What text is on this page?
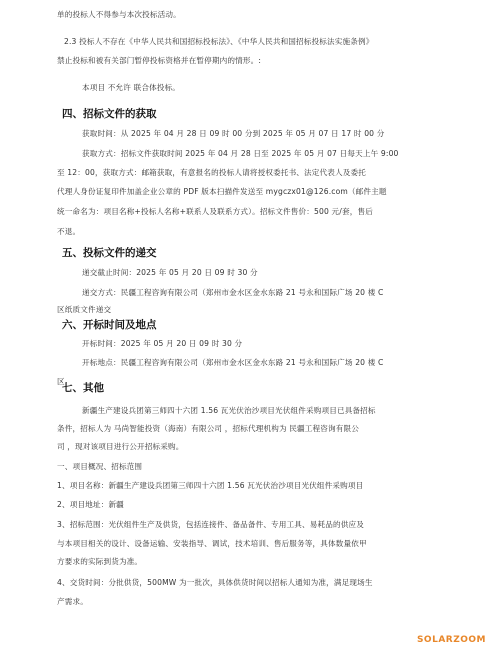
单的投标人不得参与本次投标活动。
2.3 投标人不存在《中华人民共和国招标投标法》、《中华人民共和国招标投标法实施条例》
禁止投标和被有关部门暂停投标资格并在暂停期内的情形。:
本项目 不允许 联合体投标。
四、招标文件的获取
获取时间：从 2025 年 04 月 28 日 09 时 00 分到 2025 年 05 月 07 日 17 时 00 分
获取方式：招标文件获取时间 2025 年 04 月 28 日至 2025 年 05 月 07 日每天上午 9:00
至 12：00，获取方式：邮箱获取，有意报名的投标人请将授权委托书、法定代表人及委托
代理人身份证复印件加盖企业公章的 PDF 版本扫描件发送至 mygczx01@126.com（邮件主题
统一命名为：项目名称+投标人名称+联系人及联系方式）。招标文件售价：500 元/套，售后
不退。
五、投标文件的递交
递交截止时间：2025 年 05 月 20 日 09 时 30 分
递交方式：民疆工程咨询有限公司（郑州市金水区金水东路 21 号永和国际广场 20 楼 C
区纸质文件递交
六、开标时间及地点
开标时间：2025 年 05 月 20 日 09 时 30 分
开标地点：民疆工程咨询有限公司（郑州市金水区金水东路 21 号永和国际广场 20 楼 C
区
七、其他
新疆生产建设兵团第三师四十六团 1.56 瓦光伏治沙项目光伏组件采购项目已具备招标
条件，招标人为 马尚智能投资（海南）有限公司 ，招标代理机构为 民疆工程咨询有限公
司 ，现对该项目进行公开招标采购。
一、项目概况、招标范围
1、项目名称：新疆生产建设兵团第三师四十六团 1.56 瓦光伏治沙项目光伏组件采购项目
2、项目地址：新疆
3、招标范围：光伏组件生产及供货，包括连接件、备品备件、专用工具、易耗品的供应及
与本项目相关的设计、设备运输、安装指导、调试，技术培训、售后服务等，具体数量依甲
方要求的实际到货为准。
4、交货时间：分批供货，500MW 为一批次，具体供货时间以招标人通知为准，满足现场生
产需求。
SOLARZOOM
